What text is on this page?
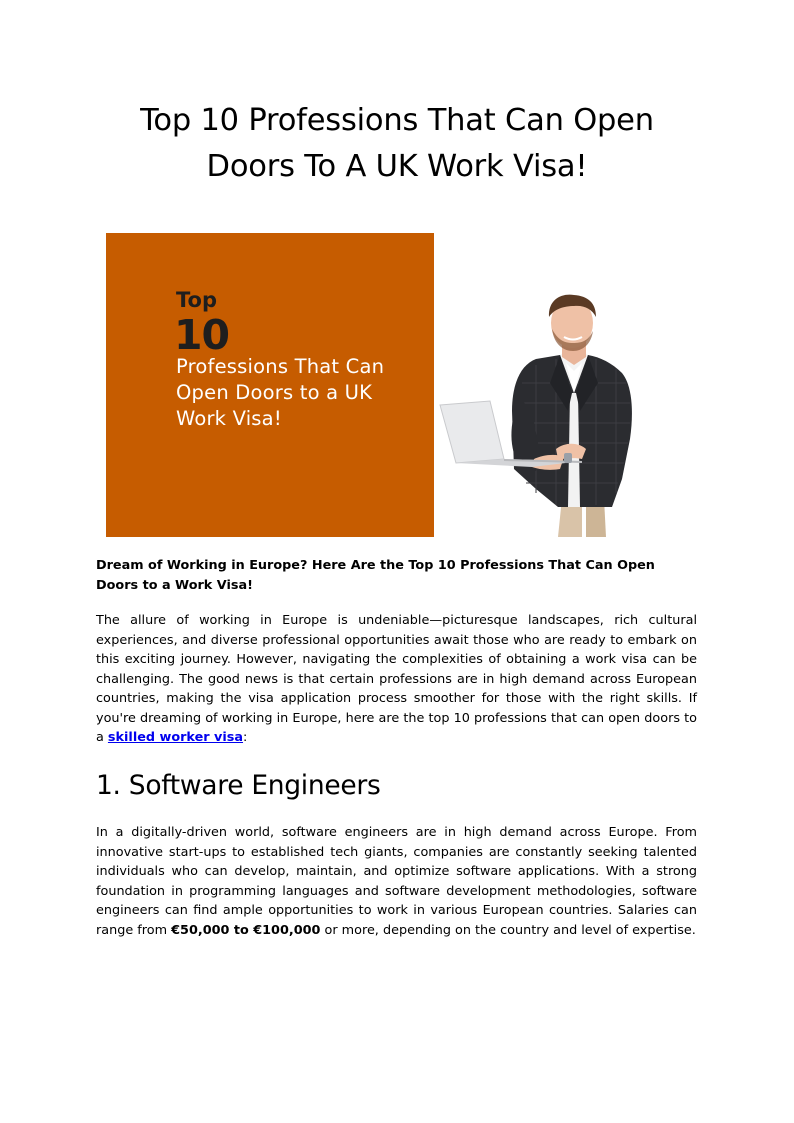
Top 10 Professions That Can Open
Doors To A UK Work Visa!
Top
10
Professions That Can
Open Doors to a UK
Work Visa!

Dream of Working in Europe? Here Are the Top 10 Professions That Can Open Doors to a Work Visa!

The allure of working in Europe is undeniable—picturesque landscapes, rich cultural experiences, and diverse professional opportunities await those who are ready to embark on this exciting journey. However, navigating the complexities of obtaining a work visa can be challenging. The good news is that certain professions are in high demand across European countries, making the visa application process smoother for those with the right skills. If you're dreaming of working in Europe, here are the top 10 professions that can open doors to a skilled worker visa:

1. Software Engineers

In a digitally-driven world, software engineers are in high demand across Europe. From innovative start-ups to established tech giants, companies are constantly seeking talented individuals who can develop, maintain, and optimize software applications. With a strong foundation in programming languages and software development methodologies, software engineers can find ample opportunities to work in various European countries. Salaries can range from €50,000 to €100,000 or more, depending on the country and level of expertise.
